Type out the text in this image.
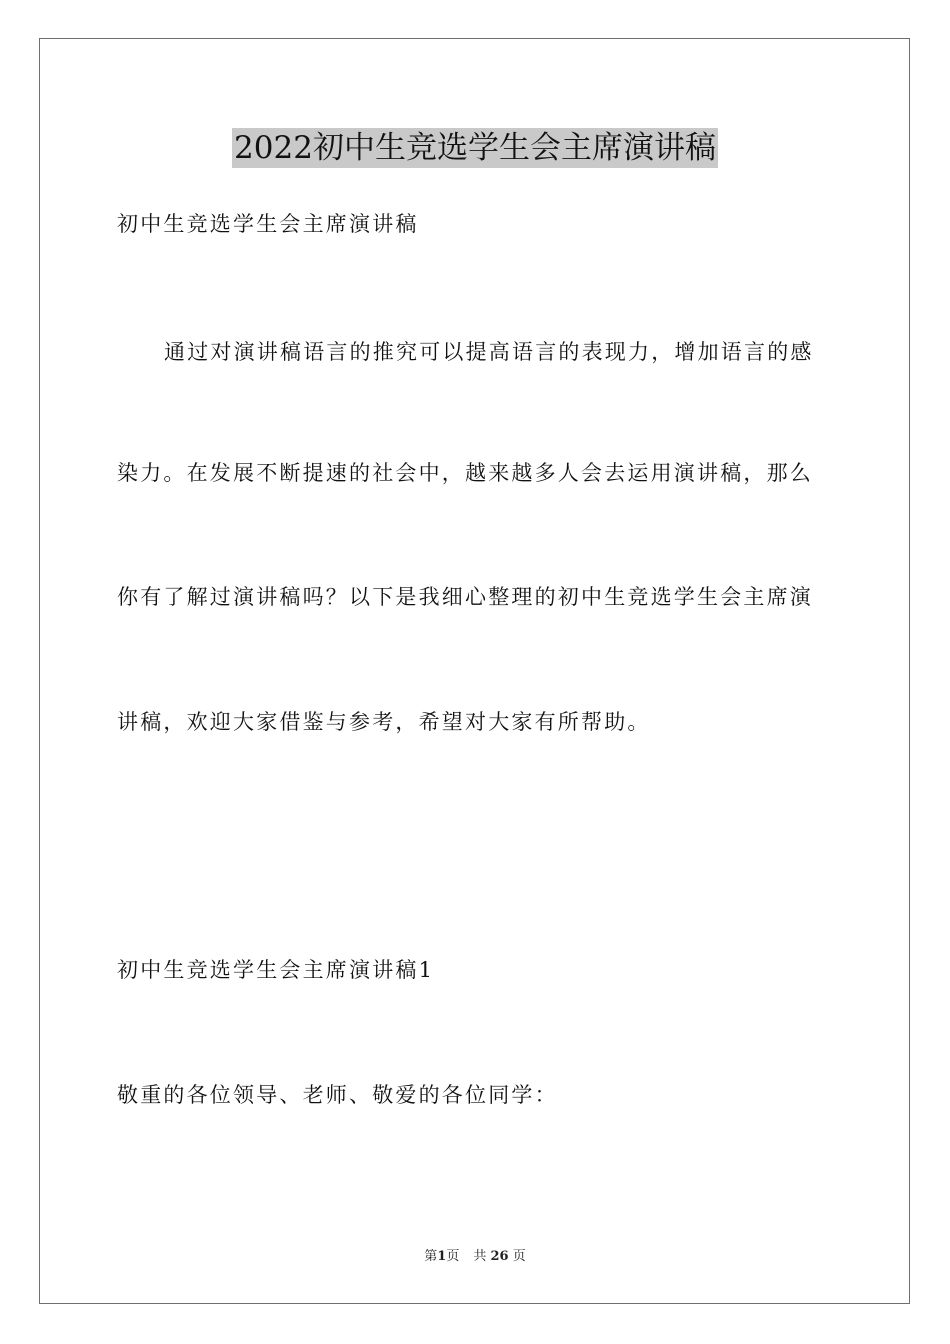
2022初中生竞选学生会主席演讲稿
初中生竞选学生会主席演讲稿
通过对演讲稿语言的推究可以提高语言的表现力，增加语言的感
染力。在发展不断提速的社会中，越来越多人会去运用演讲稿，那么
你有了解过演讲稿吗？以下是我细心整理的初中生竞选学生会主席演
讲稿，欢迎大家借鉴与参考，希望对大家有所帮助。
初中生竞选学生会主席演讲稿1
敬重的各位领导、老师、敬爱的各位同学：
第1页 共 26 页
